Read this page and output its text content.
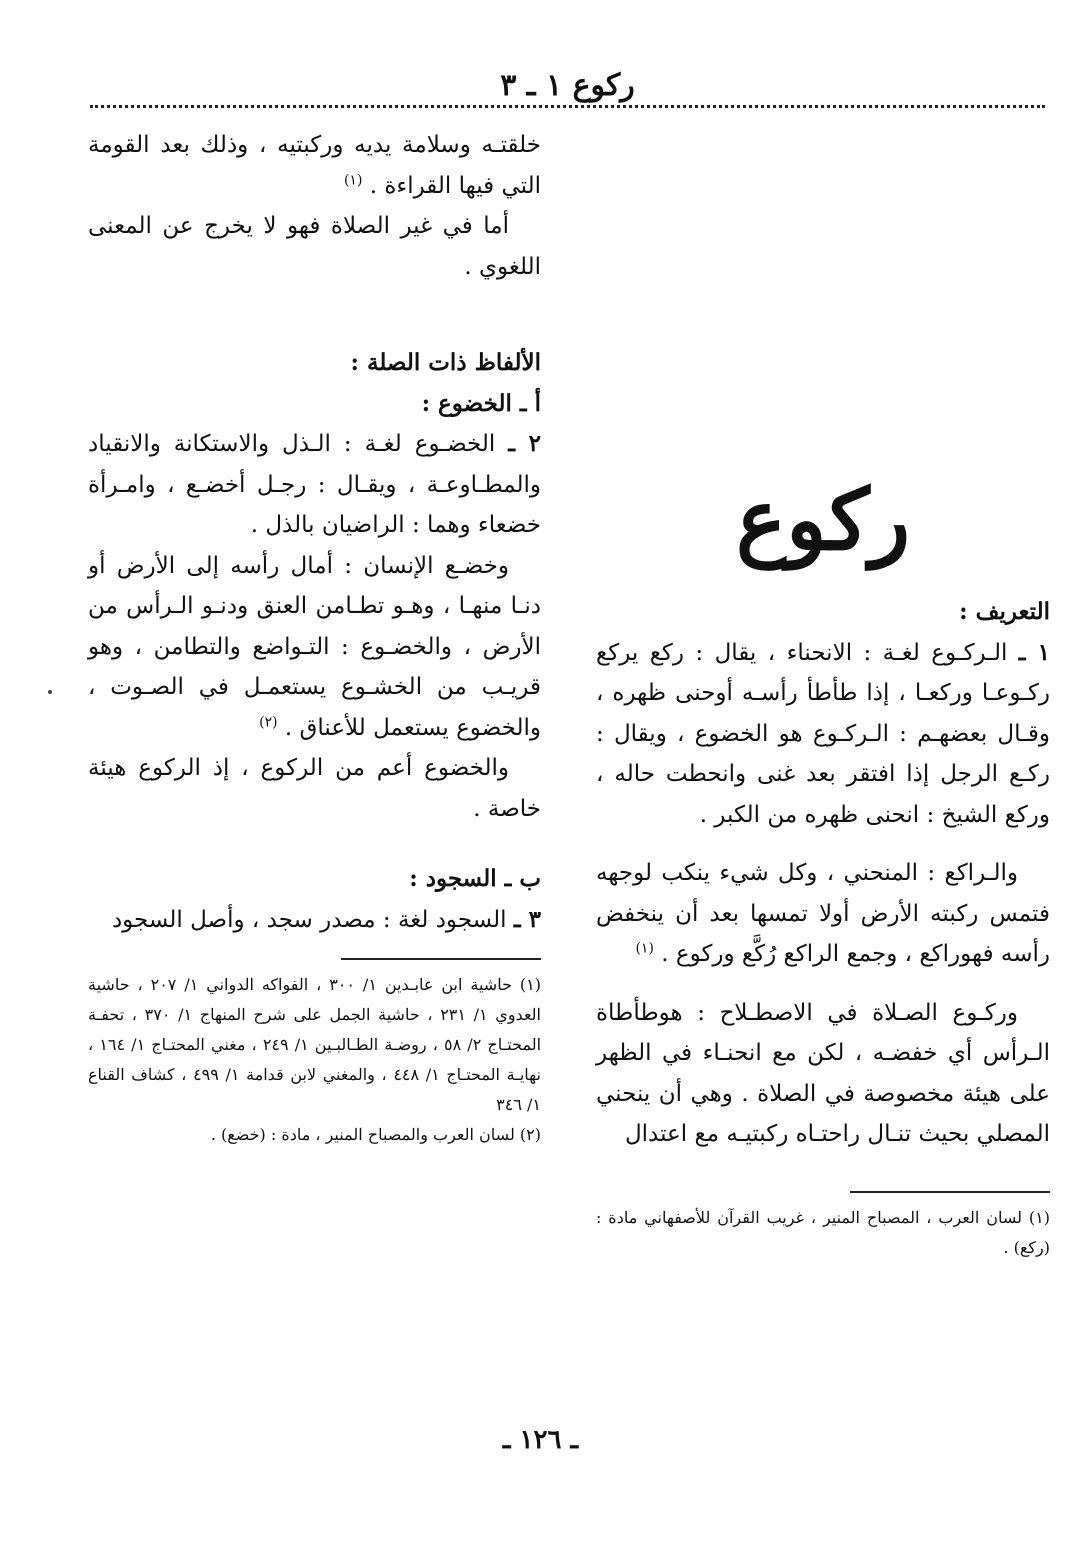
ركوع ١ ـ ٣

خلقتـه وسلامة يديه وركبتيه ، وذلك بعد القومة التي فيها القراءة . $^{(١)}$

أما في غير الصلاة فهو لا يخرج عن المعنى اللغوي .

الألفاظ ذات الصلة :

أ ـ الخضوع :

٢ ـ الخضـوع لغـة : الـذل والاستكانة والانقياد والمطـاوعـة ، ويقـال : رجـل أخضـع ، وامـرأة خضعاء وهما : الراضيان بالذل .

وخضـع الإنسان : أمال رأسه إلى الأرض أو دنـا منهـا ، وهـو تطـامن العنق ودنـو الـرأس من الأرض ، والخضـوع : التـواضع والتطامن ، وهو قريـب من الخشـوع يستعمـل في الصـوت ، والخضوع يستعمل للأعناق . $^{(٢)}$

والخضوع أعم من الركوع ، إذ الركوع هيئة خاصة .

ب ـ السجود :

٣ ـ السجود لغة : مصدر سجد ، وأصل السجود

(١) حاشية ابن عابـدين ١/ ٣٠٠ ، الفواكه الدواني ١/ ٢٠٧ ، حاشية العدوي ١/ ٢٣١ ، حاشية الجمل على شرح المنهاج ١/ ٣٧٠ ، تحفـة المحتـاج ٢/ ٥٨ ، روضـة الطـالبـين ١/ ٢٤٩ ، مغني المحتـاج ١/ ١٦٤ ، نهايـة المحتـاج ١/ ٤٤٨ ، والمغني لابن قدامة ١/ ٤٩٩ ، كشاف القناع ١/ ٣٤٦

(٢) لسان العرب والمصباح المنير ، مادة : (خضع) .

ركوع

التعريف :

١ ـ الـركـوع لغـة : الانحناء ، يقال : ركع يركع ركـوعـا وركعـا ، إذا طأطأ رأسـه أوحنى ظهره ، وقـال بعضهـم : الـركـوع هو الخضوع ، ويقال : ركـع الرجل إذا افتقر بعد غنى وانحطت حاله ، وركع الشيخ : انحنى ظهره من الكبر .

والـراكع : المنحني ، وكل شيء ينكب لوجهه فتمس ركبته الأرض أولا تمسها بعد أن ينخفض رأسه فهوراكع ، وجمع الراكع رُكَّع وركوع . $^{(١)}$

وركـوع الصـلاة في الاصطـلاح : هوطأطاة الـرأس أي خفضـه ، لكن مع انحنـاء في الظهر على هيئة مخصوصة في الصلاة . وهي أن ينحني المصلي بحيث تنـال راحتـاه ركبتيـه مع اعتدال

(١) لسان العرب ، المصباح المنير ، غريب القرآن للأصفهاني مادة : (ركع) .

ـ ١٢٦ ـ
